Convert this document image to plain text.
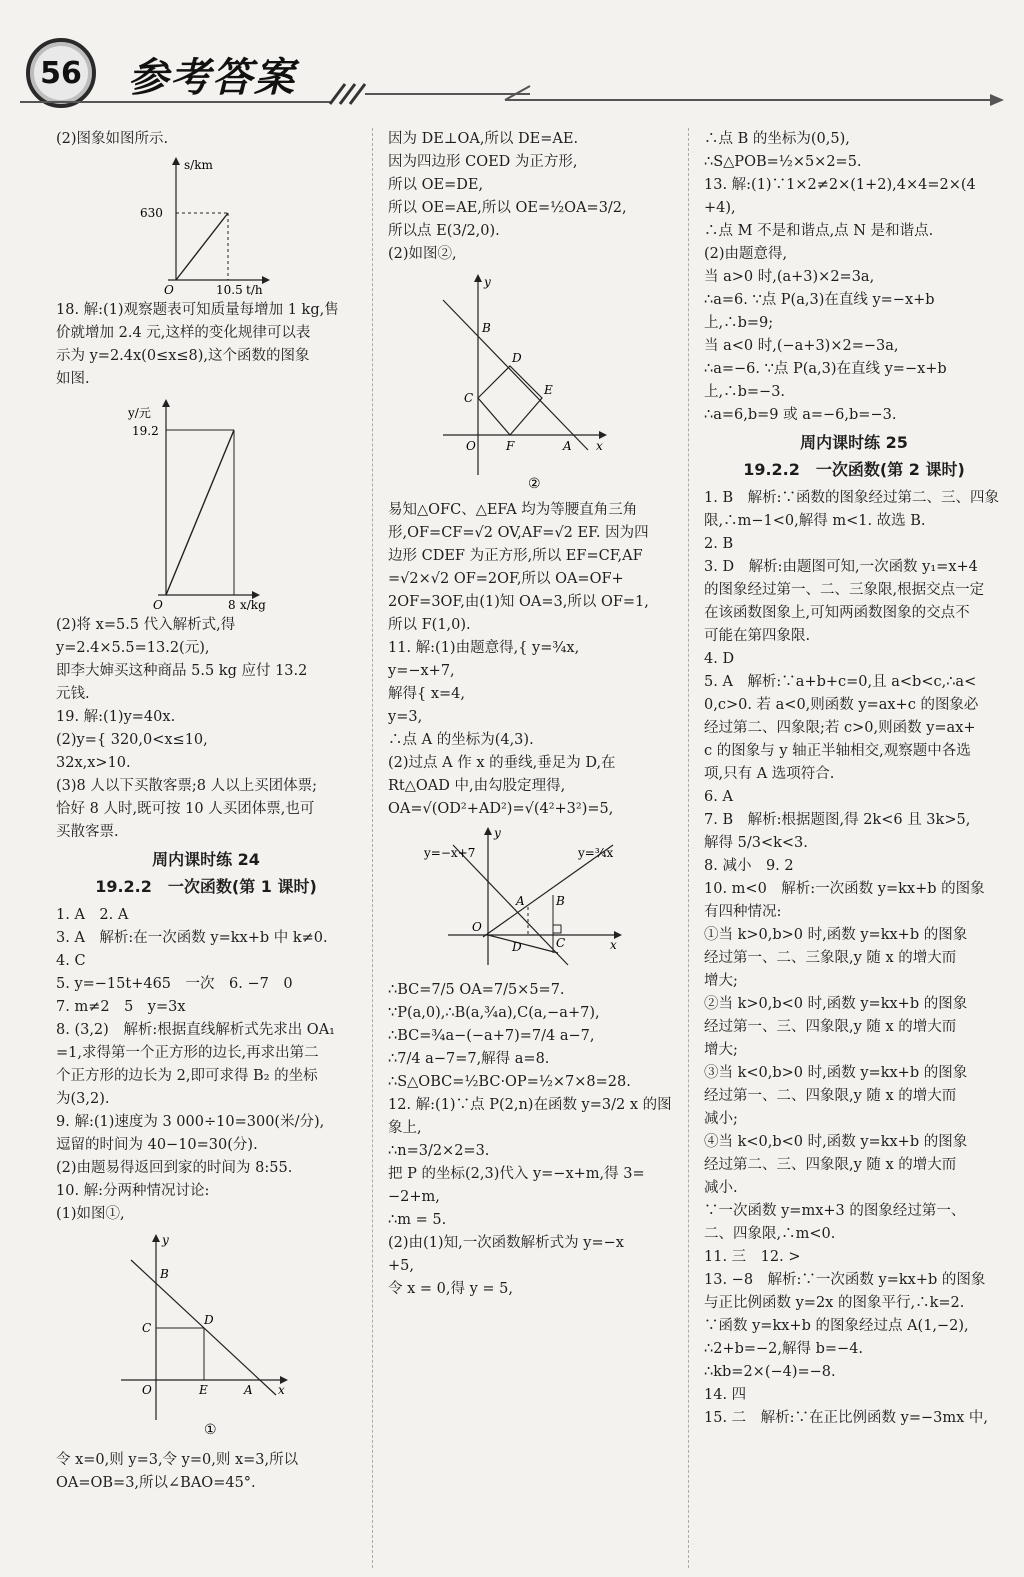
56	参考答案
(2)图象如图所示.
s/km
630
10.5
O	t/h
18. 解:(1)观察题表可知质量每增加 1 kg,售
价就增加 2.4 元,这样的变化规律可以表
示为 y=2.4x(0≤x≤8),这个函数的图象
如图.
y/元
19.2
8
O	x/kg
(2)将 x=5.5 代入解析式,得
y=2.4×5.5=13.2(元),
即李大婶买这种商品 5.5 kg 应付 13.2
元钱.
19. 解:(1)y=40x.
(2)y={ 320,0<x≤10,
32x,x>10.
(3)8 人以下买散客票;8 人以上买团体票;
恰好 8 人时,既可按 10 人买团体票,也可
买散客票.
周内课时练 24
19.2.2　一次函数(第 1 课时)
1. A　2. A
3. A　解析:在一次函数 y=kx+b 中 k≠0.
4. C
5. y=−15t+465　一次　6. −7　0
7. m≠2　5　y=3x
8. (3,2)　解析:根据直线解析式先求出 OA₁
=1,求得第一个正方形的边长,再求出第二
个正方形的边长为 2,即可求得 B₂ 的坐标
为(3,2).
9. 解:(1)速度为 3 000÷10=300(米/分),
逗留的时间为 40−10=30(分).
(2)由题易得返回到家的时间为 8:55.
10. 解:分两种情况讨论:
(1)如图①,
y
B
C
D
O	E	A x
①
令 x=0,则 y=3,令 y=0,则 x=3,所以
OA=OB=3,所以∠BAO=45°.
因为 DE⊥OA,所以 DE=AE.
因为四边形 COED 为正方形,
所以 OE=DE,
所以 OE=AE,所以 OE=½OA=3/2,
所以点 E(3/2,0).
(2)如图②,
y
B
D
C
E
O	F	A x
②
易知△OFC、△EFA 均为等腰直角三角
形,OF=CF=√2 OV,AF=√2 EF. 因为四
边形 CDEF 为正方形,所以 EF=CF,AF
=√2×√2 OF=2OF,所以 OA=OF+
2OF=3OF,由(1)知 OA=3,所以 OF=1,
所以 F(1,0).
11. 解:(1)由题意得,{ y=¾x,
y=−x+7,
解得{ x=4,
y=3,
∴点 A 的坐标为(4,3).
(2)过点 A 作 x 的垂线,垂足为 D,在
Rt△OAD 中,由勾股定理得,
OA=√(OD²+AD²)=√(4²+3²)=5,
y
y=−x+7	y=¾x
A	B
O
D	C	x
∴BC=7/5 OA=7/5×5=7.
∵P(a,0),∴B(a,¾a),C(a,−a+7),
∴BC=¾a−(−a+7)=7/4 a−7,
∴7/4 a−7=7,解得 a=8.
∴S△OBC=½BC·OP=½×7×8=28.
12. 解:(1)∵点 P(2,n)在函数 y=3/2 x 的图
象上,
∴n=3/2×2=3.
把 P 的坐标(2,3)代入 y=−x+m,得 3=
−2+m,
∴m = 5.
(2)由(1)知,一次函数解析式为 y=−x
+5,
令 x = 0,得 y = 5,
∴点 B 的坐标为(0,5),
∴S△POB=½×5×2=5.
13. 解:(1)∵1×2≠2×(1+2),4×4=2×(4
+4),
∴点 M 不是和谐点,点 N 是和谐点.
(2)由题意得,
当 a>0 时,(a+3)×2=3a,
∴a=6. ∵点 P(a,3)在直线 y=−x+b
上,∴b=9;
当 a<0 时,(−a+3)×2=−3a,
∴a=−6. ∵点 P(a,3)在直线 y=−x+b
上,∴b=−3.
∴a=6,b=9 或 a=−6,b=−3.
周内课时练 25
19.2.2　一次函数(第 2 课时)
1. B　解析:∵函数的图象经过第二、三、四象
限,∴m−1<0,解得 m<1. 故选 B.
2. B
3. D　解析:由题图可知,一次函数 y₁=x+4
的图象经过第一、二、三象限,根据交点一定
在该函数图象上,可知两函数图象的交点不
可能在第四象限.
4. D
5. A　解析:∵a+b+c=0,且 a<b<c,∴a<
0,c>0. 若 a<0,则函数 y=ax+c 的图象必
经过第二、四象限;若 c>0,则函数 y=ax+
c 的图象与 y 轴正半轴相交,观察题中各选
项,只有 A 选项符合.
6. A
7. B　解析:根据题图,得 2k<6 且 3k>5,
解得 5/3<k<3.
8. 减小　9. 2
10. m<0　解析:一次函数 y=kx+b 的图象
有四种情况:
①当 k>0,b>0 时,函数 y=kx+b 的图象
经过第一、二、三象限,y 随 x 的增大而
增大;
②当 k>0,b<0 时,函数 y=kx+b 的图象
经过第一、三、四象限,y 随 x 的增大而
增大;
③当 k<0,b>0 时,函数 y=kx+b 的图象
经过第一、二、四象限,y 随 x 的增大而
减小;
④当 k<0,b<0 时,函数 y=kx+b 的图象
经过第二、三、四象限,y 随 x 的增大而
减小.
∵一次函数 y=mx+3 的图象经过第一、
二、四象限,∴m<0.
11. 三　12. >
13. −8　解析:∵一次函数 y=kx+b 的图象
与正比例函数 y=2x 的图象平行,∴k=2.
∵函数 y=kx+b 的图象经过点 A(1,−2),
∴2+b=−2,解得 b=−4.
∴kb=2×(−4)=−8.
14. 四
15. 二　解析:∵在正比例函数 y=−3mx 中,
